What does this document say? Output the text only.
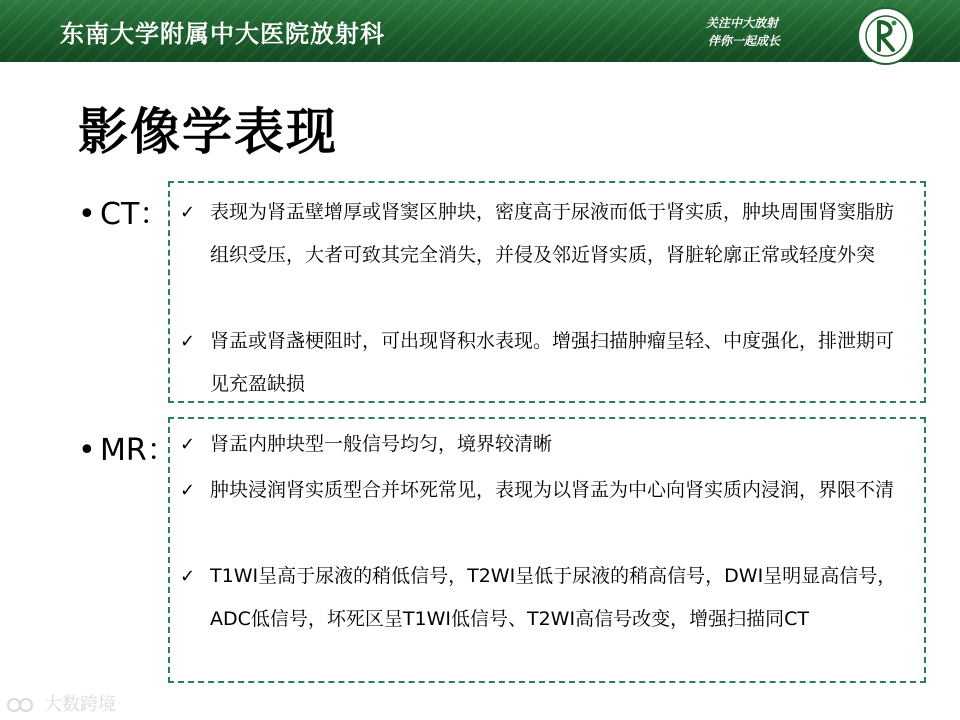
东南大学附属中大医院放射科	关注中大放射
伴你一起成长
影像学表现
• CT： ✓ 表现为肾盂壁增厚或肾窦区肿块，密度高于尿液而低于肾实质，肿块周围肾窦脂肪组织受压，大者可致其完全消失，并侵及邻近肾实质，肾脏轮廓正常或轻度外突
✓ 肾盂或肾盏梗阻时，可出现肾积水表现。增强扫描肿瘤呈轻、中度强化，排泄期可见充盈缺损
• MR： ✓ 肾盂内肿块型一般信号均匀，境界较清晰
✓ 肿块浸润肾实质型合并坏死常见，表现为以肾盂为中心向肾实质内浸润，界限不清
✓ T1WI呈高于尿液的稍低信号，T2WI呈低于尿液的稍高信号，DWI呈明显高信号，ADC低信号，坏死区呈T1WI低信号、T2WI高信号改变，增强扫描同CT
大数跨境
